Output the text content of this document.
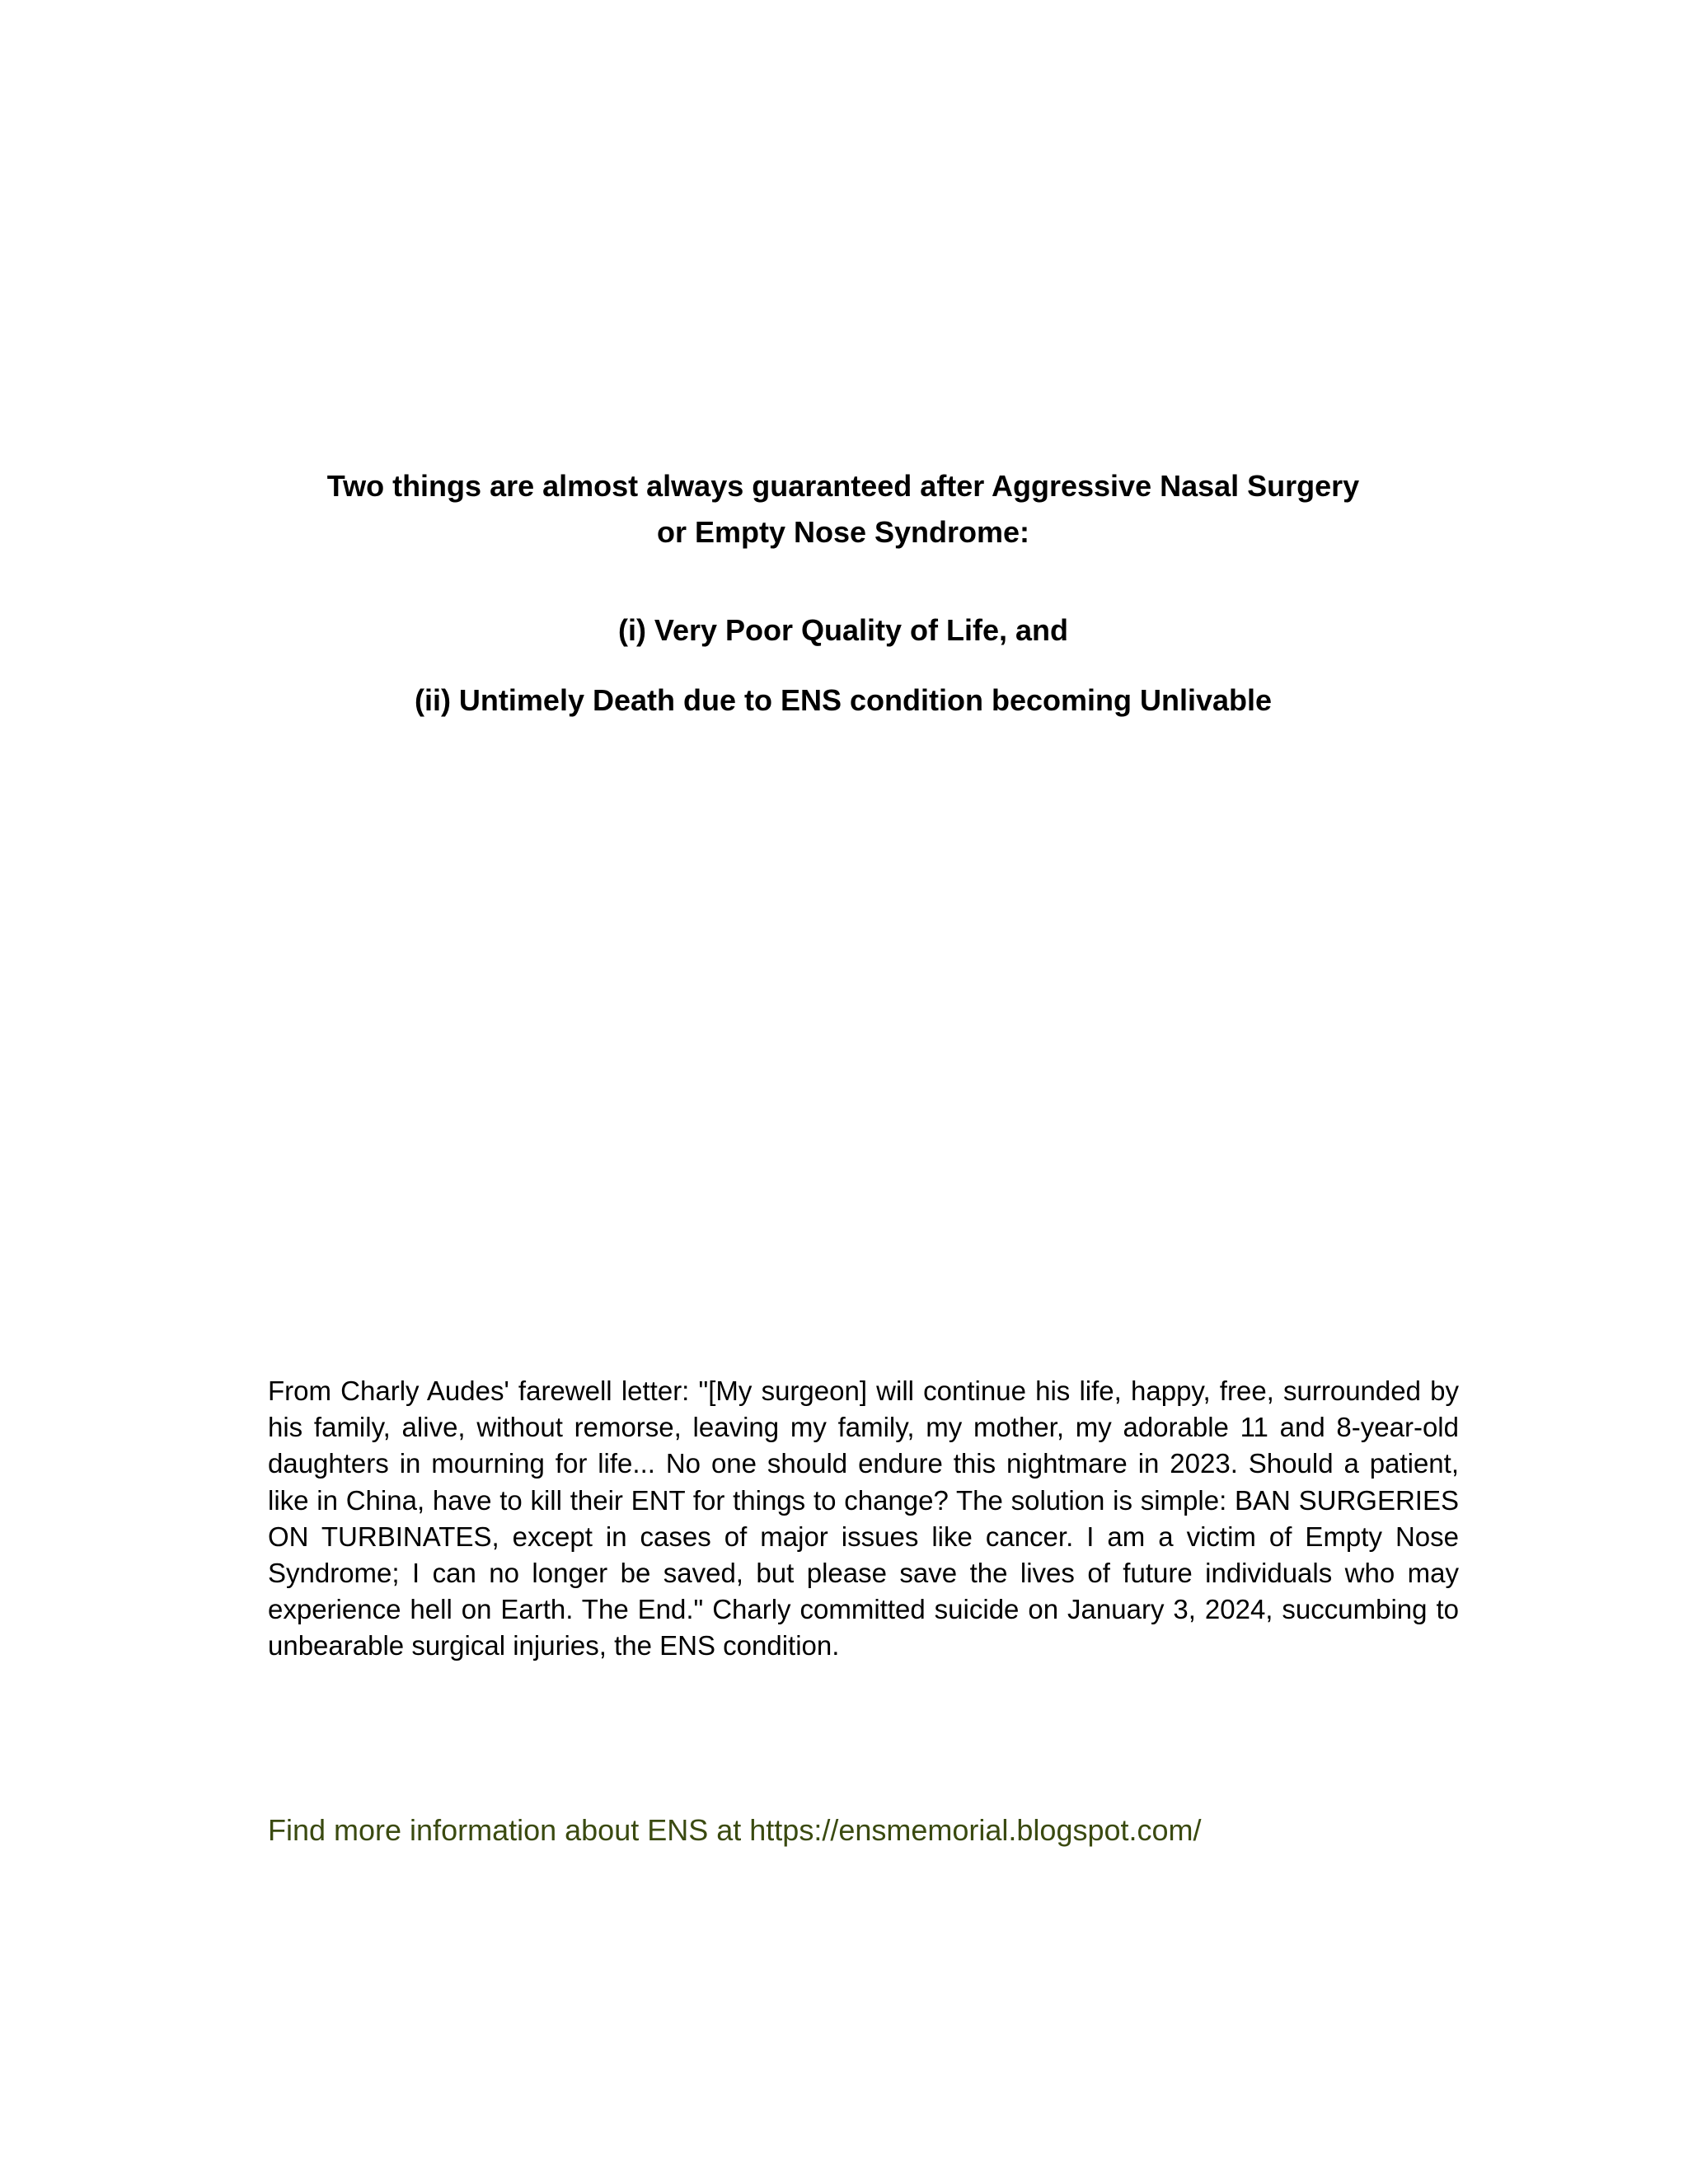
Two things are almost always guaranteed after Aggressive Nasal Surgery
or Empty Nose Syndrome:
(i) Very Poor Quality of Life, and
(ii) Untimely Death due to ENS condition becoming Unlivable

From Charly Audes' farewell letter: "[My surgeon] will continue his life, happy, free, surrounded by his family, alive, without remorse, leaving my family, my mother, my adorable 11 and 8-year-old daughters in mourning for life... No one should endure this nightmare in 2023. Should a patient, like in China, have to kill their ENT for things to change? The solution is simple: BAN SURGERIES ON TURBINATES, except in cases of major issues like cancer. I am a victim of Empty Nose Syndrome; I can no longer be saved, but please save the lives of future individuals who may experience hell on Earth. The End." Charly committed suicide on January 3, 2024, succumbing to unbearable surgical injuries, the ENS condition.

Find more information about ENS at https://ensmemorial.blogspot.com/
